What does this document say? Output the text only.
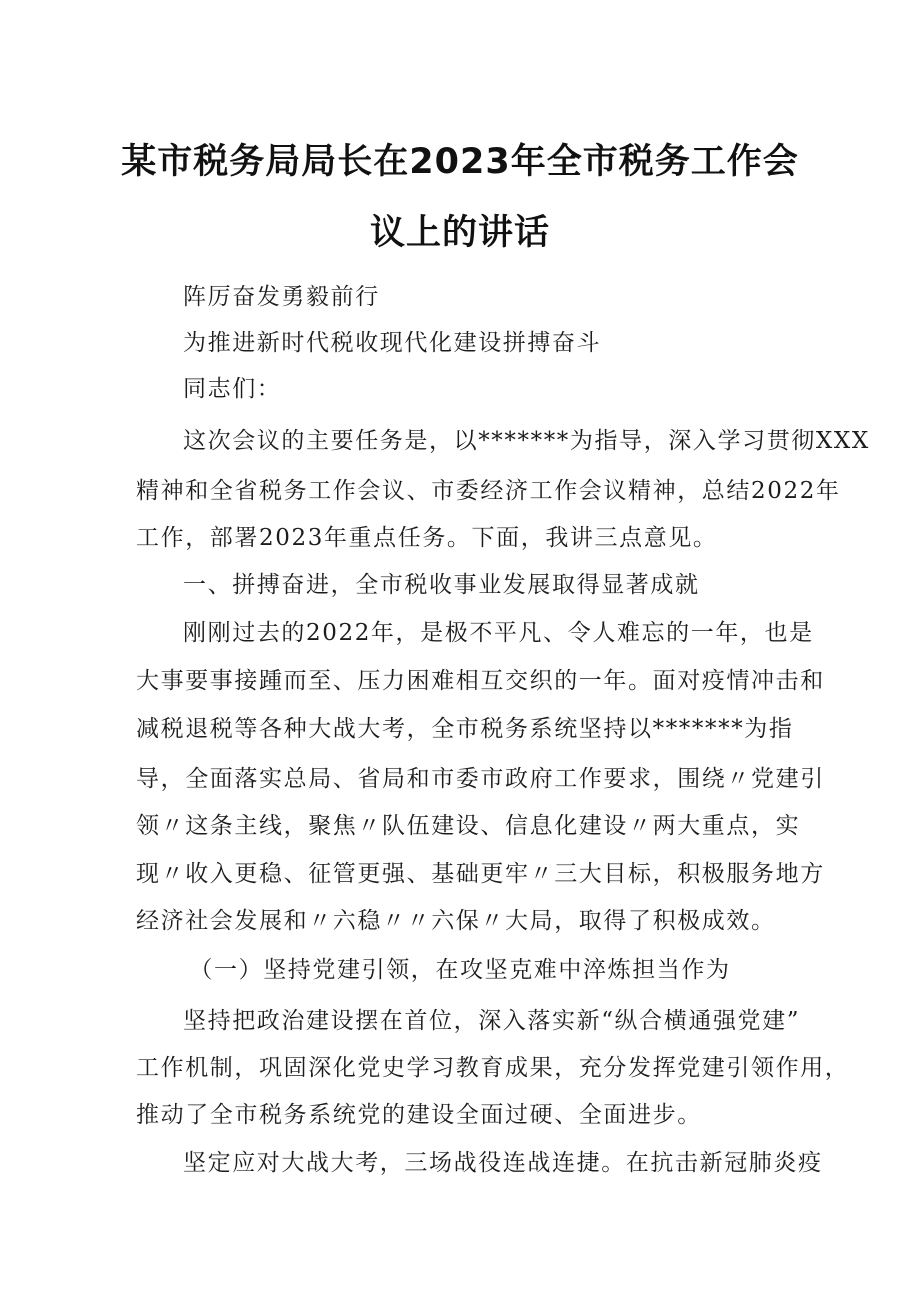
某市税务局局长在2023年全市税务工作会
议上的讲话
阵厉奋发勇毅前行
为推进新时代税收现代化建设拼搏奋斗
同志们：
这次会议的主要任务是，以*******为指导，深入学习贯彻XXX
精神和全省税务工作会议、市委经济工作会议精神，总结2022年
工作，部署2023年重点任务。下面，我讲三点意见。
一、拼搏奋进，全市税收事业发展取得显著成就
刚刚过去的2022年，是极不平凡、令人难忘的一年，也是
大事要事接踵而至、压力困难相互交织的一年。面对疫情冲击和
减税退税等各种大战大考，全市税务系统坚持以*******为指
导，全面落实总局、省局和市委市政府工作要求，围绕〃党建引
领〃这条主线，聚焦〃队伍建设、信息化建设〃两大重点，实
现〃收入更稳、征管更强、基础更牢〃三大目标，积极服务地方
经济社会发展和〃六稳〃〃六保〃大局，取得了积极成效。
（一）坚持党建引领，在攻坚克难中淬炼担当作为
坚持把政治建设摆在首位，深入落实新“纵合横通强党建”
工作机制，巩固深化党史学习教育成果，充分发挥党建引领作用，
推动了全市税务系统党的建设全面过硬、全面进步。
坚定应对大战大考，三场战役连战连捷。在抗击新冠肺炎疫
